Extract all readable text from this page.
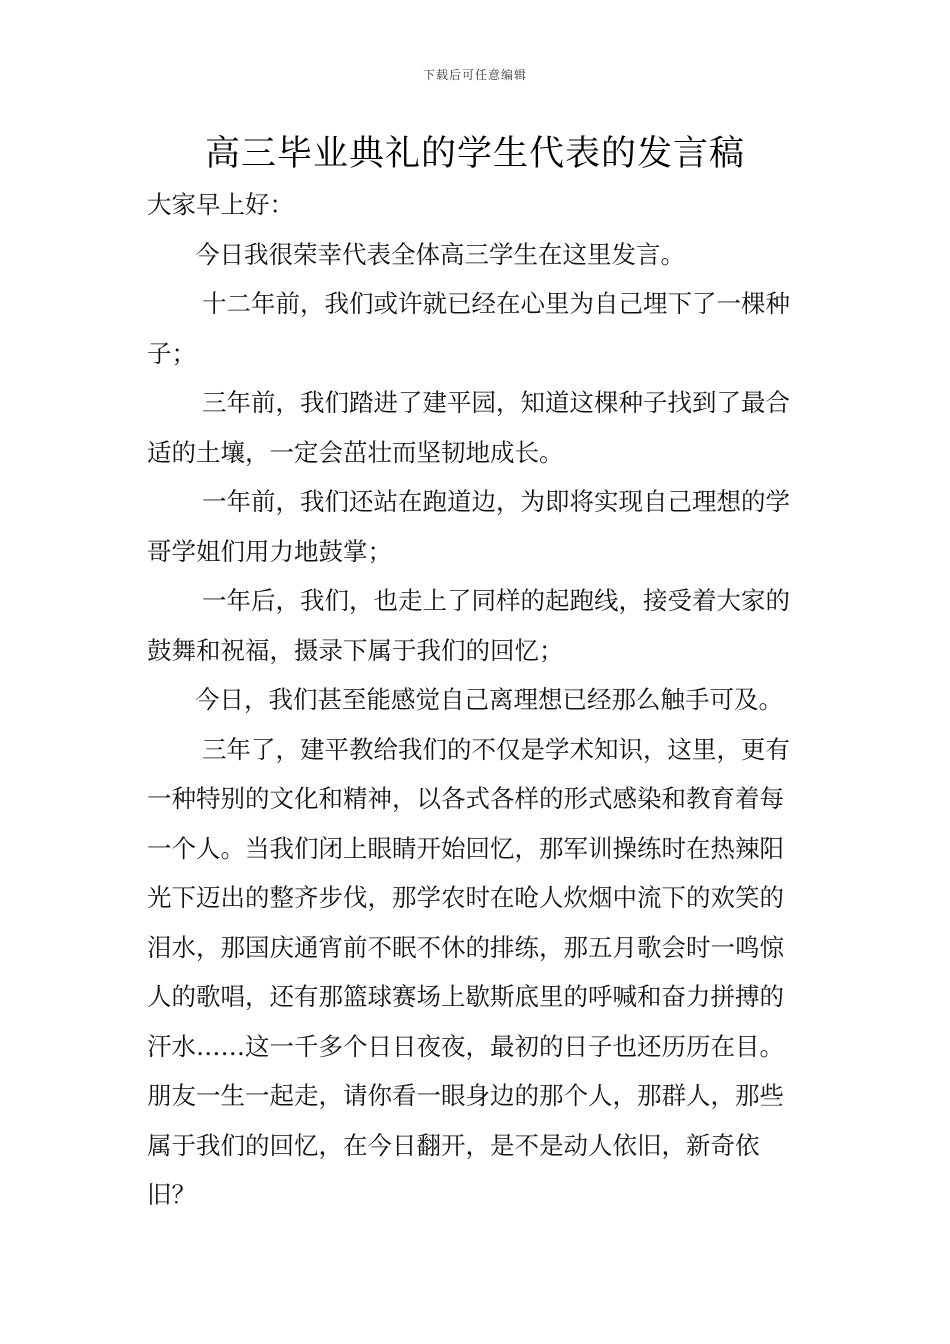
下载后可任意编辑
高三毕业典礼的学生代表的发言稿

大家早上好：

今日我很荣幸代表全体高三学生在这里发言。

十二年前，我们或许就已经在心里为自己埋下了一棵种子；

三年前，我们踏进了建平园，知道这棵种子找到了最合适的土壤，一定会茁壮而坚韧地成长。

一年前，我们还站在跑道边，为即将实现自己理想的学哥学姐们用力地鼓掌；

一年后，我们，也走上了同样的起跑线，接受着大家的鼓舞和祝福，摄录下属于我们的回忆；

今日，我们甚至能感觉自己离理想已经那么触手可及。

三年了，建平教给我们的不仅是学术知识，这里，更有一种特别的文化和精神，以各式各样的形式感染和教育着每一个人。当我们闭上眼睛开始回忆，那军训操练时在热辣阳光下迈出的整齐步伐，那学农时在呛人炊烟中流下的欢笑的泪水，那国庆通宵前不眠不休的排练，那五月歌会时一鸣惊人的歌唱，还有那篮球赛场上歇斯底里的呼喊和奋力拼搏的汗水……这一千多个日日夜夜，最初的日子也还历历在目。朋友一生一起走，请你看一眼身边的那个人，那群人，那些属于我们的回忆，在今日翻开，是不是动人依旧，新奇依旧？
